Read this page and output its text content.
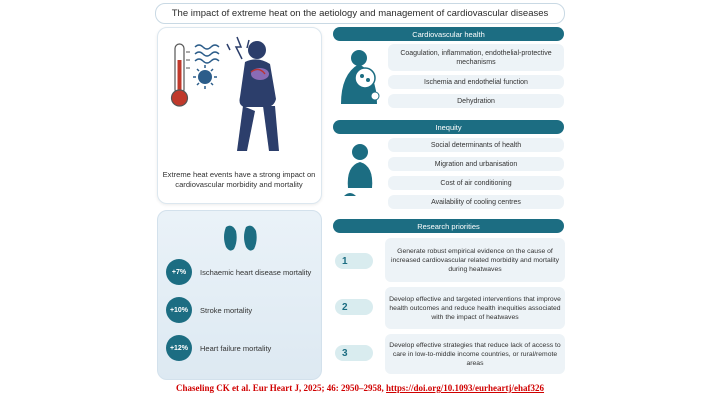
The impact of extreme heat on the aetiology and management of cardiovascular diseases
Extreme heat events have a strong impact on cardiovascular morbidity and mortality
+7%	Ischaemic heart disease mortality
+10%	Stroke mortality
+12%	Heart failure mortality
Cardiovascular health
Coagulation, inflammation, endothelial-protective mechanisms
Ischemia and endothelial function
Dehydration
Inequity
Social determinants of health
Migration and urbanisation
Cost of air conditioning
Availability of cooling centres
Research priorities
1
Generate robust empirical evidence on the cause of increased cardiovascular related morbidity and mortality during heatwaves
2
Develop effective and targeted interventions that improve health outcomes and reduce health inequities associated with the impact of heatwaves
3
Develop effective strategies that reduce lack of access to care in low-to-middle income countries, or rural/remote areas
Chaseling CK et al. Eur Heart J, 2025; 46: 2950–2958, https://doi.org/10.1093/eurheartj/ehaf326
